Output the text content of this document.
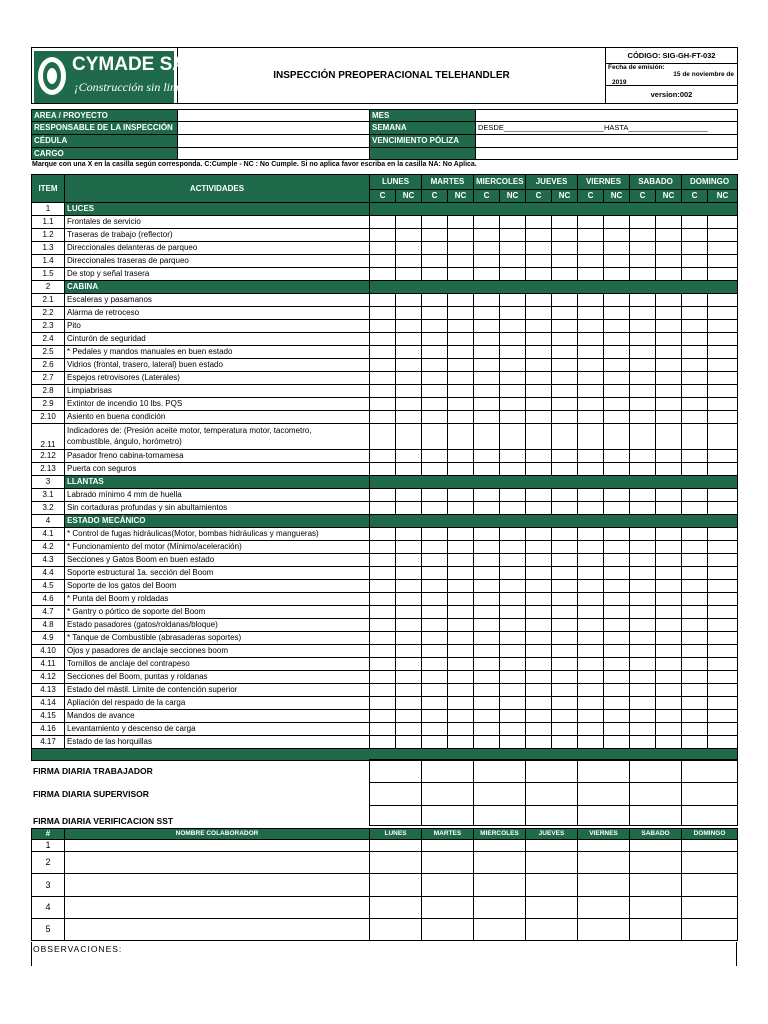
CYMADE SAS
¡Construcción sin limites!
	INSPECCIÓN PREOPERACIONAL TELEHANDLER	CÓDIGO: SIG-GH-FT-032

Fecha de emisión:
15 de noviembre de
2019

version:002
AREA / PROYECTO		MES	
RESPONSABLE DE LA INSPECCIÓN		SEMANA	DESDE________________________HASTA___________________
CÉDULA		VENCIMIENTO PÓLIZA	
CARGO			
Marque con una X en la casilla según corresponda. C:Cumple - NC : No Cumple. Si no aplica favor escriba en la casilla NA: No Aplica.
ITEM	ACTIVIDADES	LUNES		MARTES		MIERCOLES		JUEVES		VIERNES		SABADO		DOMINGO	
		C	NC	C	NC	C	NC	C	NC	C	NC	C	NC	C	NC
1	LUCES														
1.1	Frontales de servicio														
1.2	Traseras de trabajo (reflector)														
1.3	Direccionales delanteras de parqueo														
1.4	Direccionales traseras de parqueo														
1.5	De stop y señal trasera														
2	CABINA														
2.1	Escaleras y pasamanos														
2.2	Alarma de retroceso														
2.3	Pito														
2.4	Cinturón de seguridad														
2.5	* Pedales y mandos manuales en buen estado														
2.6	Vidrios (frontal, trasero, lateral) buen estado														
2.7	Espejos retrovisores (Laterales)														
2.8	Limpiabrisas														
2.9	Extintor de incendio 10 lbs. PQS														
2.10	Asiento en buena condición														
2.11	Indicadores de: (Presión aceite motor, temperatura motor, tacometro,
combustible, ángulo, horómetro)														

2.12	Pasador freno cabina-tornamesa														
2.13	Puerta con seguros														
3	LLANTAS														
3.1	Labrado mínimo 4 mm de huella														
3.2	Sin cortaduras profundas y sin abultamientos														
4	ESTADO MECÁNICO														
4.1	* Control de fugas hidráulicas(Motor, bombas hidráulicas y mangueras)														
4.2	* Funcionamiento del motor (Mínimo/aceleración)														
4.3	Secciones y Gatos Boom en buen estado														
4.4	Soporte estructural 1a. sección del Boom														
4.5	Soporte de los gatos del Boom														
4.6	* Punta del Boom y roldadas														
4.7	* Gantry o pórtico de soporte del Boom														
4.8	Estado pasadores (gatos/roldanas/bloque)														
4.9	* Tanque de Combustible (abrasaderas soportes)														
4.10	Ojos y pasadores de anclaje secciones boom														
4.11	Tornillos de anclaje del contrapeso														
4.12	Secciones del Boom, puntas y roldanas														
4.13	Estado del mástil. Límite de contención superior														
4.14	Apliación del respado de la carga														
4.15	Mandos de avance														
4.16	Levantamiento y descenso de carga														
4.17	Estado de las horquillas														

FIRMA DIARIA TRABAJADOR							
FIRMA DIARIA SUPERVISOR							
FIRMA DIARIA VERIFICACION SST							
#	NOMBRE COLABORADOR	LUNES	MARTES	MIERCOLES	JUEVES	VIERNES	SABADO	DOMINGO
1								
2								
3								
4								
5								
OBSERVACIONES:
